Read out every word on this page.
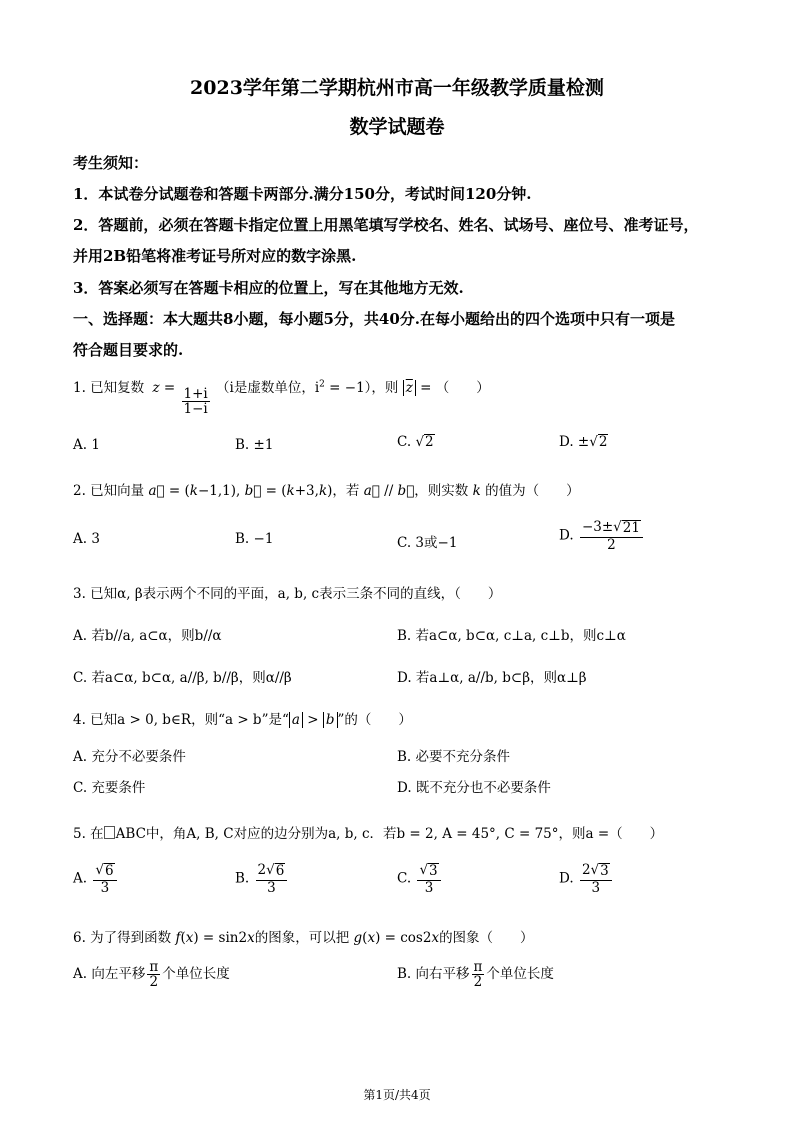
2023学年第二学期杭州市高一年级教学质量检测
数学试题卷
考生须知：
1．本试卷分试题卷和答题卡两部分.满分150分，考试时间120分钟.
2．答题前，必须在答题卡指定位置上用黑笔填写学校名、姓名、试场号、座位号、准考证号，
并用2B铅笔将准考证号所对应的数字涂黑.
3．答案必须写在答题卡相应的位置上，写在其他地方无效.
一、选择题：本大题共8小题，每小题5分，共40分.在每小题给出的四个选项中只有一项是
符合题目要求的.
1. 已知复数 $z = \frac{1+i}{1-i} (i$是虚数单位，$i^2 = -1$），则 $\overline{z}$ = （　　）
A. 1	B. ±1	C. √ 2	D. ±√ 2
2. 已知向量 a⃗ = (k−1,1), b⃗ = (k+3,k)，若 a⃗ // b⃗，则实数 k 的值为（　　）
A. 3	B. −1	C. 3或−1	D. $\frac{-3\pm√ 21}{2}$
3. 已知α, β表示两个不同的平面，a, b, c表示三条不同的直线，（　　）
A. 若b//a, a⊂α，则b//α	B. 若a⊂α, b⊂α, c⊥a, c⊥b，则c⊥α
C. 若a⊂α, b⊂α, a//β, b//β，则α//β	D. 若a⊥α, a//b, b⊂β，则α⊥β
4. 已知a > 0, b∈R，则“a > b”是“ a > b ”的（　　）
A. 充分不必要条件	B. 必要不充分条件
C. 充要条件	D. 既不充分也不必要条件
5. 在 ABC中，角A, B, C对应的边分别为a, b, c．若b = 2, A = 45°, C = 75°，则a =（　　）
A. $\frac{√ 6}{3}$	B. $\frac{2√ 6}{3}$	C. $\frac{√ 3}{3}$	D. $\frac{2√ 3}{3}$
6. 为了得到函数 f(x) = sin2x的图象，可以把 g(x) = cos2x的图象（　　）
A. 向左平移 $\frac{\pi}{2}$ 个单位长度	B. 向右平移 $\frac{\pi}{2}$ 个单位长度
第1页/共4页
